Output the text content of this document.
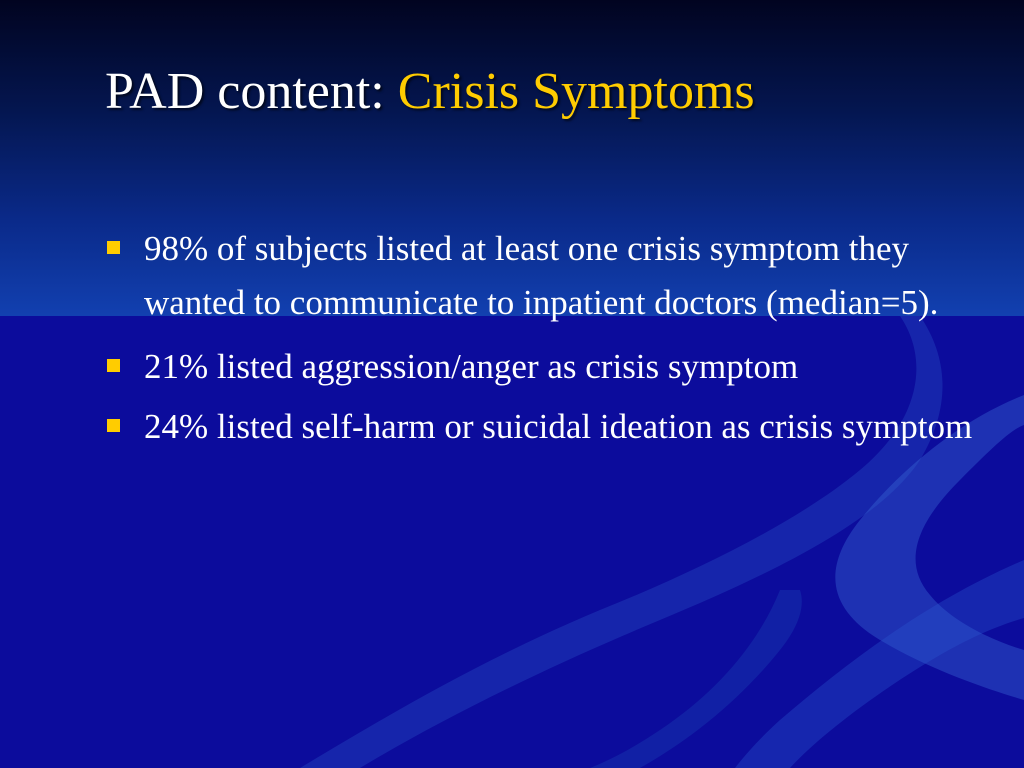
PAD content: Crisis Symptoms
98% of subjects listed at least one crisis symptom they wanted to communicate to inpatient doctors (median=5).
21% listed aggression/anger as crisis symptom
24% listed self-harm or suicidal ideation as crisis symptom
